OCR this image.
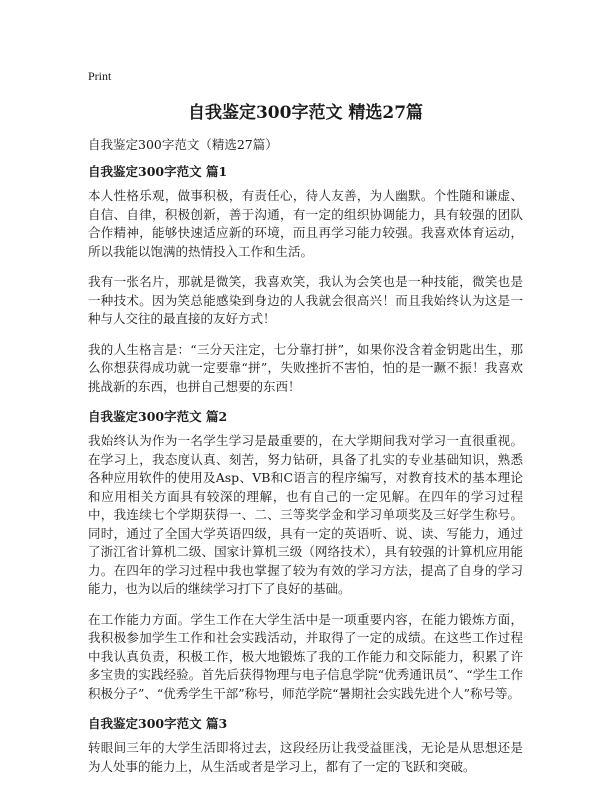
Print
自我鉴定300字范文 精选27篇
自我鉴定300字范文（精选27篇）
自我鉴定300字范文 篇1

本人性格乐观，做事积极，有责任心，待人友善，为人幽默。个性随和谦虚、自信、自律，积极创新，善于沟通，有一定的组织协调能力，具有较强的团队合作精神，能够快速适应新的环境，而且再学习能力较强。我喜欢体育运动，所以我能以饱满的热情投入工作和生活。

我有一张名片，那就是微笑，我喜欢笑，我认为会笑也是一种技能，微笑也是一种技术。因为笑总能感染到身边的人我就会很高兴！而且我始终认为这是一种与人交往的最直接的友好方式！

我的人生格言是：“三分天注定，七分靠打拼”，如果你没含着金钥匙出生，那么你想获得成功就一定要靠“拼”，失败挫折不害怕，怕的是一蹶不振！我喜欢挑战新的东西，也拼自己想要的东西！

自我鉴定300字范文 篇2

我始终认为作为一名学生学习是最重要的，在大学期间我对学习一直很重视。在学习上，我态度认真、刻苦，努力钻研，具备了扎实的专业基础知识，熟悉各种应用软件的使用及Asp、VB和C语言的程序编写，对教育技术的基本理论和应用相关方面具有较深的理解，也有自己的一定见解。在四年的学习过程中，我连续七个学期获得一、二、三等奖学金和学习单项奖及三好学生称号。同时，通过了全国大学英语四级，具有一定的英语听、说、读、写能力，通过了浙江省计算机二级、国家计算机三级（网络技术），具有较强的计算机应用能力。在四年的学习过程中我也掌握了较为有效的学习方法，提高了自身的学习能力，也为以后的继续学习打下了良好的基础。

在工作能力方面。学生工作在大学生活中是一项重要内容，在能力锻炼方面，我积极参加学生工作和社会实践活动，并取得了一定的成绩。在这些工作过程中我认真负责，积极工作，极大地锻炼了我的工作能力和交际能力，积累了许多宝贵的实践经验。首先后获得物理与电子信息学院“优秀通讯员”、“学生工作积极分子”、“优秀学生干部”称号，师范学院“暑期社会实践先进个人”称号等。

自我鉴定300字范文 篇3

转眼间三年的大学生活即将过去，这段经历让我受益匪浅，无论是从思想还是为人处事的能力上，从生活或者是学习上，都有了一定的飞跃和突破。
